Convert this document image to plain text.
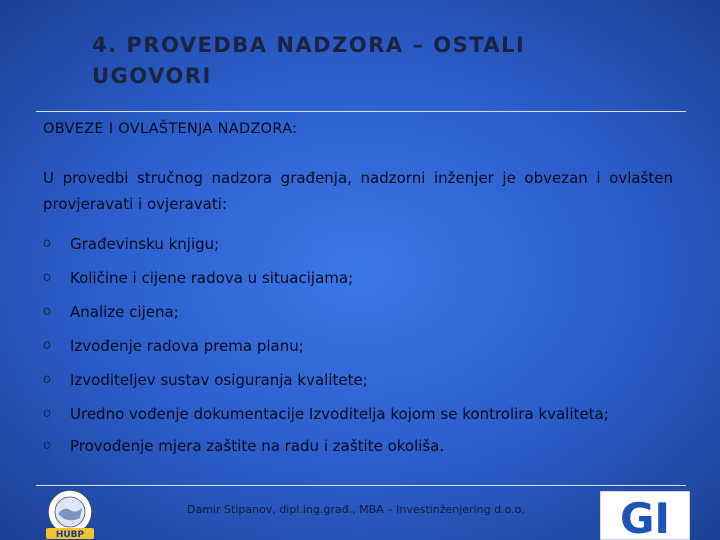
4. PROVEDBA NADZORA – OSTALI UGOVORI
OBVEZE I OVLAŠTENJA NADZORA:
U provedbi stručnog nadzora građenja, nadzorni inženjer je obvezan i ovlašten provjeravati i ovjeravati:
o Građevinsku knjigu;
o Količine i cijene radova u situacijama;
o Analize cijena;
o Izvođenje radova prema planu;
o Izvoditeljev sustav osiguranja kvalitete;
o Uredno vođenje dokumentacije Izvoditelja kojom se kontrolira kvaliteta;
o Provođenje mjera zaštite na radu i zaštite okoliša.
HUBP
Damir Stipanov, dipl.ing.građ., MBA – Investinženjering d.o.o. GI
